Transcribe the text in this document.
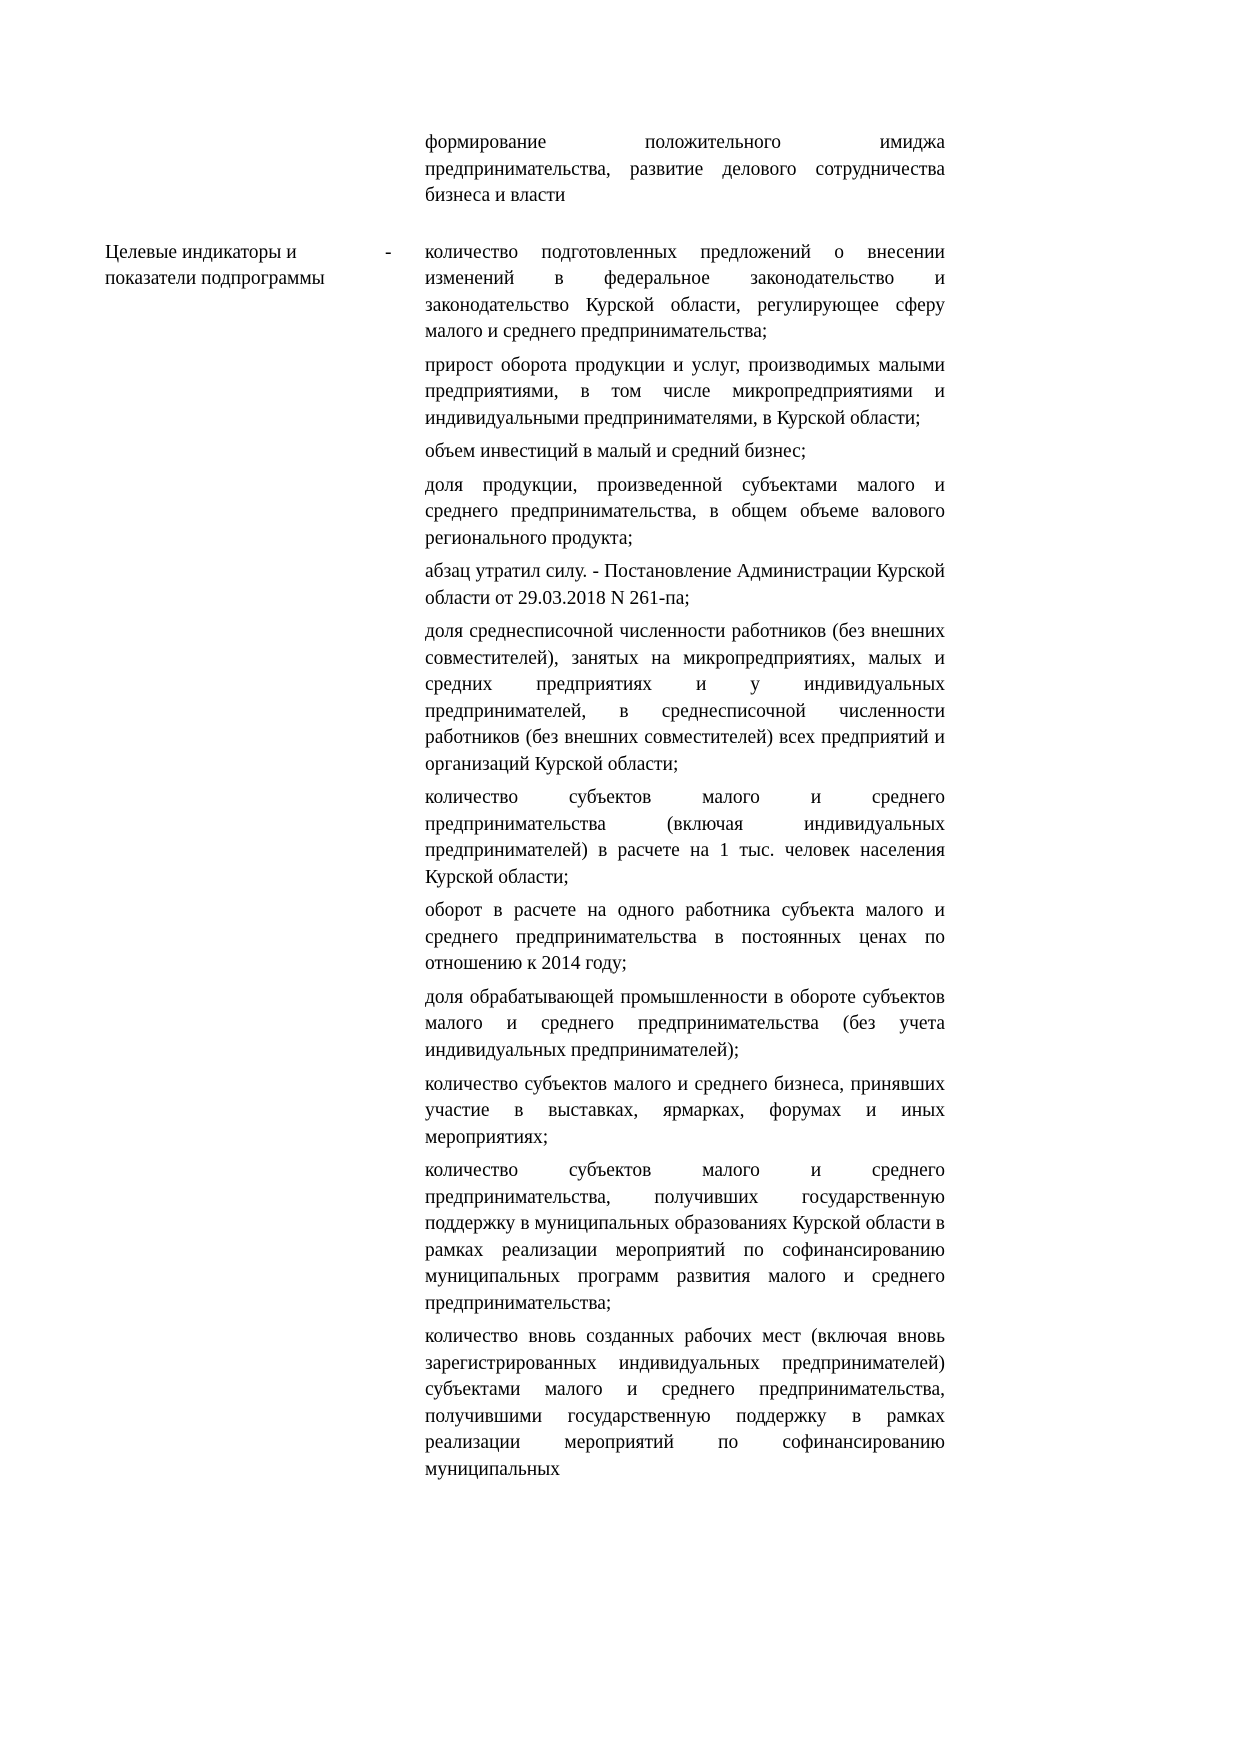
формирование положительного имиджа предпринимательства, развитие делового сотрудничества бизнеса и власти

Целевые индикаторы и показатели подпрограммы
-	количество подготовленных предложений о внесении изменений в федеральное законодательство и законодательство Курской области, регулирующее сферу малого и среднего предпринимательства;

прирост оборота продукции и услуг, производимых малыми предприятиями, в том числе микропредприятиями и индивидуальными предпринимателями, в Курской области;

объем инвестиций в малый и средний бизнес;

доля продукции, произведенной субъектами малого и среднего предпринимательства, в общем объеме валового регионального продукта;

абзац утратил силу. - Постановление Администрации Курской области от 29.03.2018 N 261-па;

доля среднесписочной численности работников (без внешних совместителей), занятых на микропредприятиях, малых и средних предприятиях и у индивидуальных предпринимателей, в среднесписочной численности работников (без внешних совместителей) всех предприятий и организаций Курской области;

количество субъектов малого и среднего предпринимательства (включая индивидуальных предпринимателей) в расчете на 1 тыс. человек населения Курской области;

оборот в расчете на одного работника субъекта малого и среднего предпринимательства в постоянных ценах по отношению к 2014 году;

доля обрабатывающей промышленности в обороте субъектов малого и среднего предпринимательства (без учета индивидуальных предпринимателей);

количество субъектов малого и среднего бизнеса, принявших участие в выставках, ярмарках, форумах и иных мероприятиях;

количество субъектов малого и среднего предпринимательства, получивших государственную поддержку в муниципальных образованиях Курской области в рамках реализации мероприятий по софинансированию муниципальных программ развития малого и среднего предпринимательства;

количество вновь созданных рабочих мест (включая вновь зарегистрированных индивидуальных предпринимателей) субъектами малого и среднего предпринимательства, получившими государственную поддержку в рамках реализации мероприятий по софинансированию муниципальных
